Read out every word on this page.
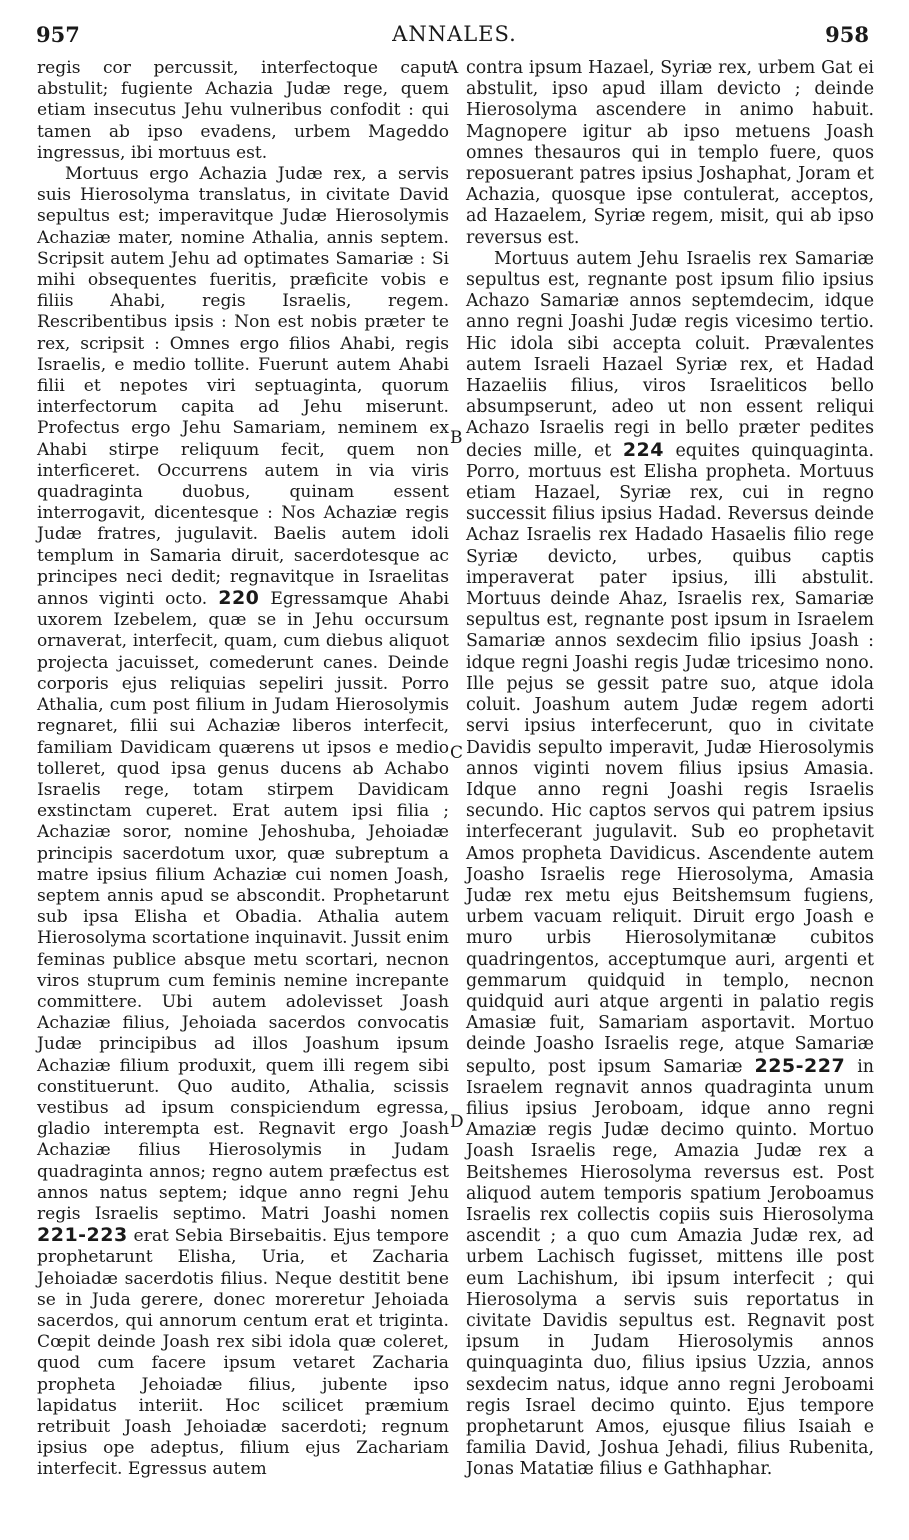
957	ANNALES.	958
A
B
C
D

regis cor percussit, interfectoque caput abstulit; fugiente Achazia Judæ rege, quem etiam insecutus Jehu vulneribus confodit : qui tamen ab ipso evadens, urbem Mageddo ingressus, ibi mortuus est.

Mortuus ergo Achazia Judæ rex, a servis suis Hierosolyma translatus, in civitate David sepultus est; imperavitque Judæ Hierosolymis Achaziæ mater, nomine Athalia, annis septem. Scripsit autem Jehu ad optimates Samariæ : Si mihi obsequentes fueritis, præficite vobis e filiis Ahabi, regis Israelis, regem. Rescribentibus ipsis : Non est nobis præter te rex, scripsit : Omnes ergo filios Ahabi, regis Israelis, e medio tollite. Fuerunt autem Ahabi filii et nepotes viri septuaginta, quorum interfectorum capita ad Jehu miserunt. Profectus ergo Jehu Samariam, neminem ex Ahabi stirpe reliquum fecit, quem non interficeret. Occurrens autem in via viris quadraginta duobus, quinam essent interrogavit, dicentesque : Nos Achaziæ regis Judæ fratres, jugulavit. Baelis autem idoli templum in Samaria diruit, sacerdotesque ac principes neci dedit; regnavitque in Israelitas annos viginti octo. 220 Egressamque Ahabi uxorem Izebelem, quæ se in Jehu occursum ornaverat, interfecit, quam, cum diebus aliquot projecta jacuisset, comederunt canes. Deinde corporis ejus reliquias sepeliri jussit. Porro Athalia, cum post filium in Judam Hierosolymis regnaret, filii sui Achaziæ liberos interfecit, familiam Davidicam quærens ut ipsos e medio tolleret, quod ipsa genus ducens ab Achabo Israelis rege, totam stirpem Davidicam exstinctam cuperet. Erat autem ipsi filia ; Achaziæ soror, nomine Jehoshuba, Jehoiadæ principis sacerdotum uxor, quæ subreptum a matre ipsius filium Achaziæ cui nomen Joash, septem annis apud se abscondit. Prophetarunt sub ipsa Elisha et Obadia. Athalia autem Hierosolyma scortatione inquinavit. Jussit enim feminas publice absque metu scortari, necnon viros stuprum cum feminis nemine increpante committere. Ubi autem adolevisset Joash Achaziæ filius, Jehoiada sacerdos convocatis Judæ principibus ad illos Joashum ipsum Achaziæ filium produxit, quem illi regem sibi constituerunt. Quo audito, Athalia, scissis vestibus ad ipsum conspiciendum egressa, gladio interempta est. Regnavit ergo Joash Achaziæ filius Hierosolymis in Judam quadraginta annos; regno autem præfectus est annos natus septem; idque anno regni Jehu regis Israelis septimo. Matri Joashi nomen 221-223 erat Sebia Birsebaitis. Ejus tempore prophetarunt Elisha, Uria, et Zacharia Jehoiadæ sacerdotis filius. Neque destitit bene se in Juda gerere, donec moreretur Jehoiada sacerdos, qui annorum centum erat et triginta. Cœpit deinde Joash rex sibi idola quæ coleret, quod cum facere ipsum vetaret Zacharia propheta Jehoiadæ filius, jubente ipso lapidatus interiit. Hoc scilicet præmium retribuit Joash Jehoiadæ sacerdoti; regnum ipsius ope adeptus, filium ejus Zachariam interfecit. Egressus autem

contra ipsum Hazael, Syriæ rex, urbem Gat ei abstulit, ipso apud illam devicto ; deinde Hierosolyma ascendere in animo habuit. Magnopere igitur ab ipso metuens Joash omnes thesauros qui in templo fuere, quos reposuerant patres ipsius Joshaphat, Joram et Achazia, quosque ipse contulerat, acceptos, ad Hazaelem, Syriæ regem, misit, qui ab ipso reversus est.

Mortuus autem Jehu Israelis rex Samariæ sepultus est, regnante post ipsum filio ipsius Achazo Samariæ annos septemdecim, idque anno regni Joashi Judæ regis vicesimo tertio. Hic idola sibi accepta coluit. Prævalentes autem Israeli Hazael Syriæ rex, et Hadad Hazaeliis filius, viros Israeliticos bello absumpserunt, adeo ut non essent reliqui Achazo Israelis regi in bello præter pedites decies mille, et 224 equites quinquaginta. Porro, mortuus est Elisha propheta. Mortuus etiam Hazael, Syriæ rex, cui in regno successit filius ipsius Hadad. Reversus deinde Achaz Israelis rex Hadado Hasaelis filio rege Syriæ devicto, urbes, quibus captis imperaverat pater ipsius, illi abstulit. Mortuus deinde Ahaz, Israelis rex, Samariæ sepultus est, regnante post ipsum in Israelem Samariæ annos sexdecim filio ipsius Joash : idque regni Joashi regis Judæ tricesimo nono. Ille pejus se gessit patre suo, atque idola coluit. Joashum autem Judæ regem adorti servi ipsius interfecerunt, quo in civitate Davidis sepulto imperavit, Judæ Hierosolymis annos viginti novem filius ipsius Amasia. Idque anno regni Joashi regis Israelis secundo. Hic captos servos qui patrem ipsius interfecerant jugulavit. Sub eo prophetavit Amos propheta Davidicus. Ascendente autem Joasho Israelis rege Hierosolyma, Amasia Judæ rex metu ejus Beitshemsum fugiens, urbem vacuam reliquit. Diruit ergo Joash e muro urbis Hierosolymitanæ cubitos quadringentos, acceptumque auri, argenti et gemmarum quidquid in templo, necnon quidquid auri atque argenti in palatio regis Amasiæ fuit, Samariam asportavit. Mortuo deinde Joasho Israelis rege, atque Samariæ sepulto, post ipsum Samariæ 225-227 in Israelem regnavit annos quadraginta unum filius ipsius Jeroboam, idque anno regni Amaziæ regis Judæ decimo quinto. Mortuo Joash Israelis rege, Amazia Judæ rex a Beitshemes Hierosolyma reversus est. Post aliquod autem temporis spatium Jeroboamus Israelis rex collectis copiis suis Hierosolyma ascendit ; a quo cum Amazia Judæ rex, ad urbem Lachisch fugisset, mittens ille post eum Lachishum, ibi ipsum interfecit ; qui Hierosolyma a servis suis reportatus in civitate Davidis sepultus est. Regnavit post ipsum in Judam Hierosolymis annos quinquaginta duo, filius ipsius Uzzia, annos sexdecim natus, idque anno regni Jeroboami regis Israel decimo quinto. Ejus tempore prophetarunt Amos, ejusque filius Isaiah e familia David, Joshua Jehadi, filius Rubenita, Jonas Matatiæ filius e Gathhaphar.
